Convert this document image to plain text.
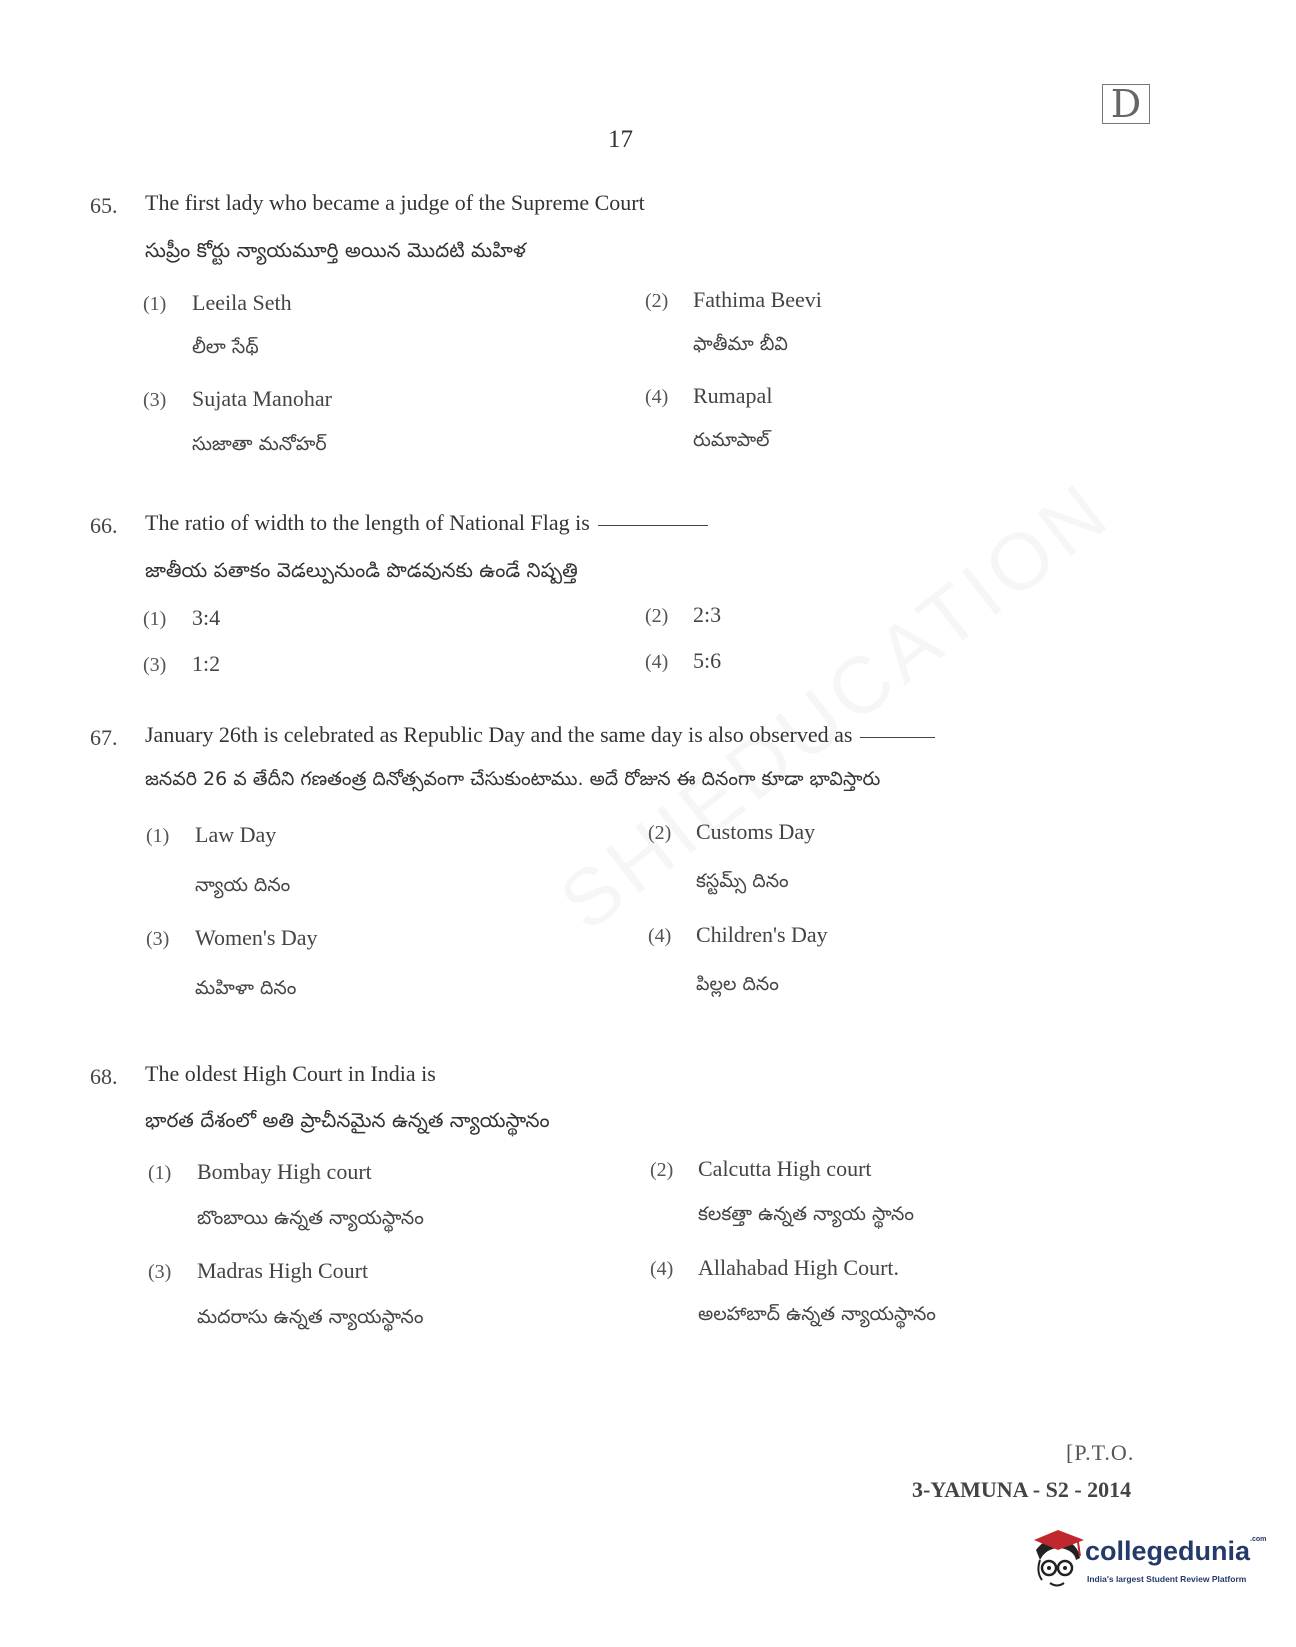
D
17
65. The first lady who became a judge of the Supreme Court
సుప్రీం కోర్టు న్యాయమూర్తి అయిన మొదటి మహిళ
(1) Leeila Seth
లీలా సేథ్
(2) Fathima Beevi
ఫాతీమా బీవి
(3) Sujata Manohar
సుజాతా మనోహర్
(4) Rumapal
రుమాపాల్
66. The ratio of width to the length of National Flag is
జాతీయ పతాకం వెడల్పునుండి పొడవునకు ఉండే నిష్పత్తి
(1) 3:4	(2) 2:3
(3) 1:2	(4) 5:6
67. January 26th is celebrated as Republic Day and the same day is also observed as
జనవరి 26 వ తేదీని గణతంత్ర దినోత్సవంగా చేసుకుంటాము. అదే రోజున ఈ దినంగా కూడా భావిస్తారు
(1) Law Day
న్యాయ దినం
(2) Customs Day
కస్టమ్స్ దినం
(3) Women's Day
మహిళా దినం
(4) Children's Day
పిల్లల దినం
68. The oldest High Court in India is
భారత దేశంలో అతి ప్రాచీనమైన ఉన్నత న్యాయస్థానం
(1) Bombay High court
బొంబాయి ఉన్నత న్యాయస్థానం
(2) Calcutta High court
కలకత్తా ఉన్నత న్యాయ స్థానం
(3) Madras High Court
మదరాసు ఉన్నత న్యాయస్థానం
(4) Allahabad High Court.
అలహాబాద్ ఉన్నత న్యాయస్థానం
[P.T.O.
3-YAMUNA - S2 - 2014
collegedunia$^{.com}$
India's largest Student Review Platform
